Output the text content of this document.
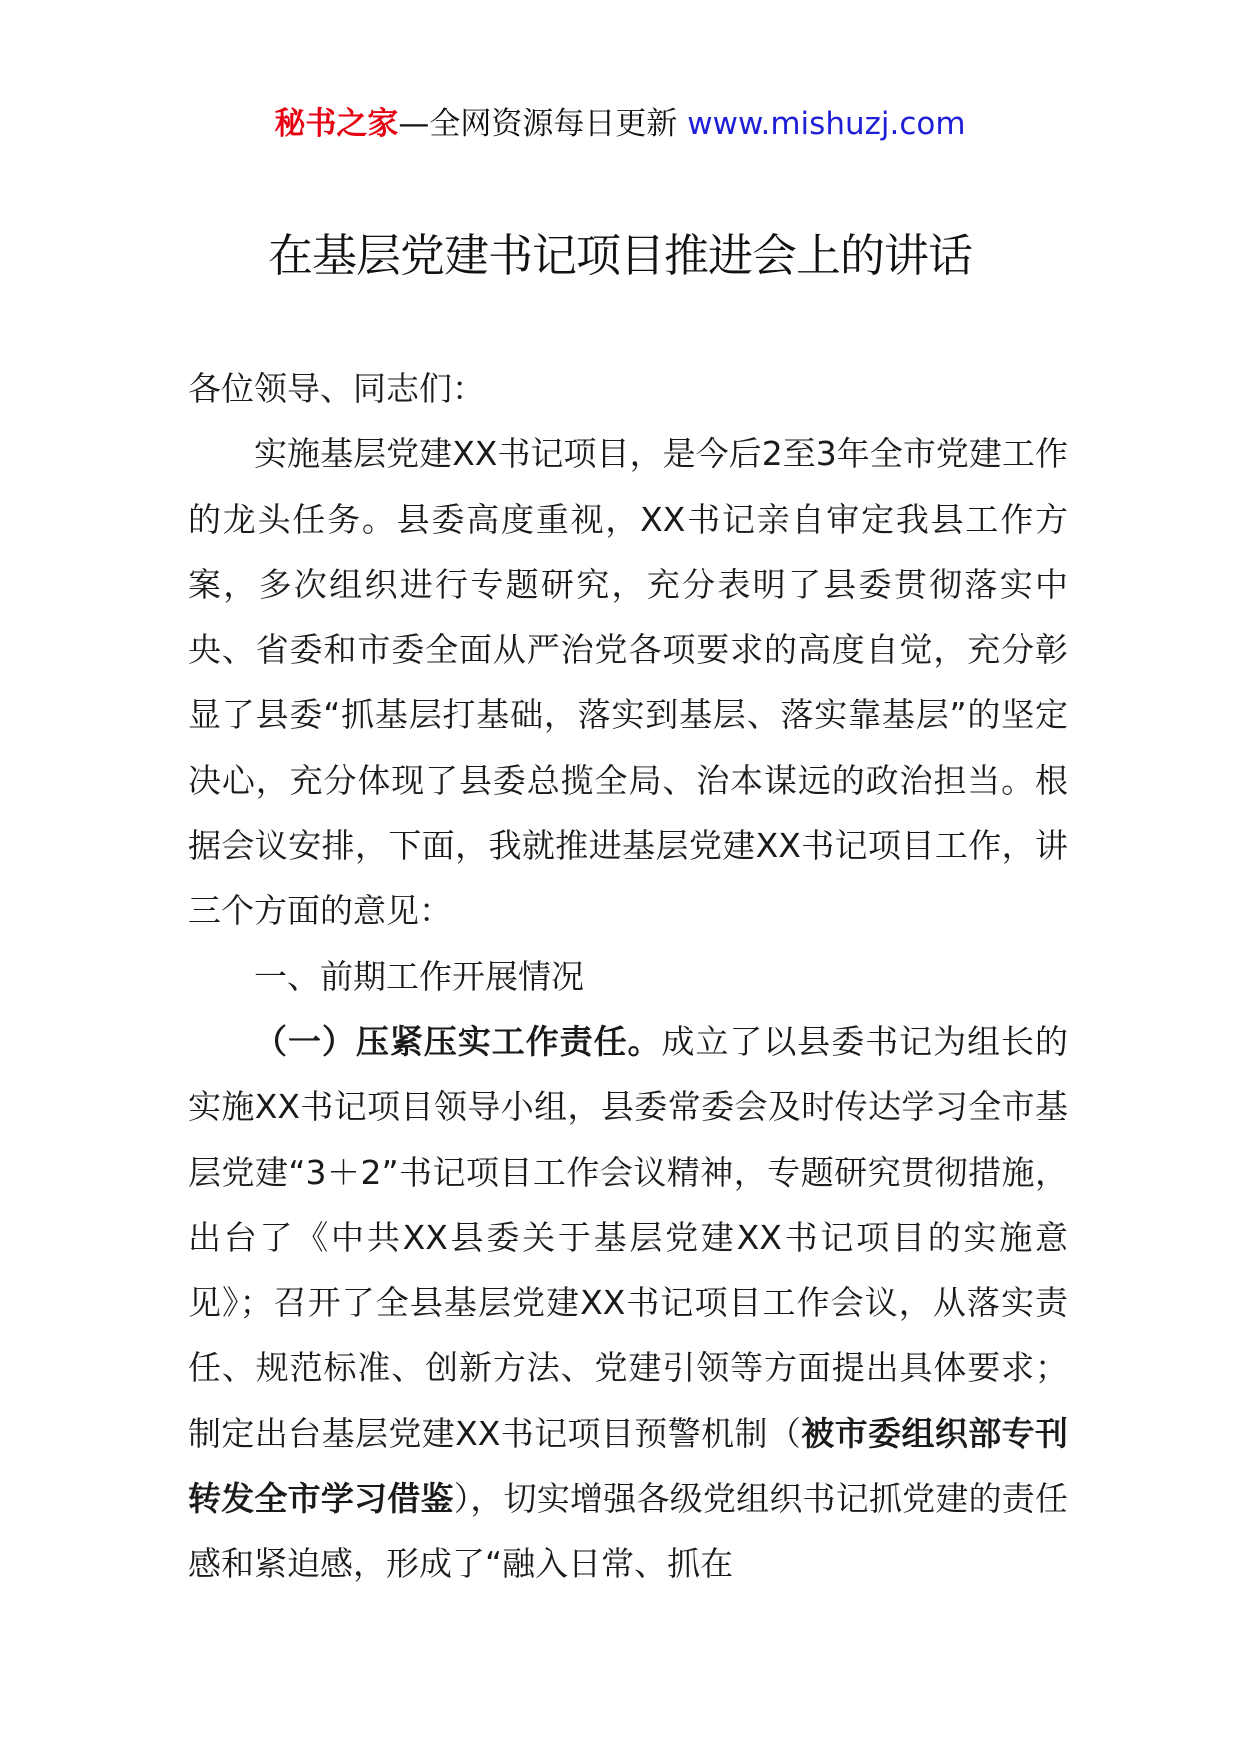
秘书之家—全网资源每日更新 www.mishuzj.com
在基层党建书记项目推进会上的讲话

各位领导、同志们：

实施基层党建XX书记项目，是今后2至3年全市党建工作的龙头任务。县委高度重视，XX书记亲自审定我县工作方案，多次组织进行专题研究，充分表明了县委贯彻落实中央、省委和市委全面从严治党各项要求的高度自觉，充分彰显了县委“抓基层打基础，落实到基层、落实靠基层”的坚定决心，充分体现了县委总揽全局、治本谋远的政治担当。根据会议安排，下面，我就推进基层党建XX书记项目工作，讲三个方面的意见：

一、前期工作开展情况

（一）压紧压实工作责任。成立了以县委书记为组长的实施XX书记项目领导小组，县委常委会及时传达学习全市基层党建“3＋2”书记项目工作会议精神，专题研究贯彻措施，出台了《中共XX县委关于基层党建XX书记项目的实施意见》；召开了全县基层党建XX书记项目工作会议，从落实责任、规范标准、创新方法、党建引领等方面提出具体要求；制定出台基层党建XX书记项目预警机制（被市委组织部专刊转发全市学习借鉴），切实增强各级党组织书记抓党建的责任感和紧迫感，形成了“融入日常、抓在
